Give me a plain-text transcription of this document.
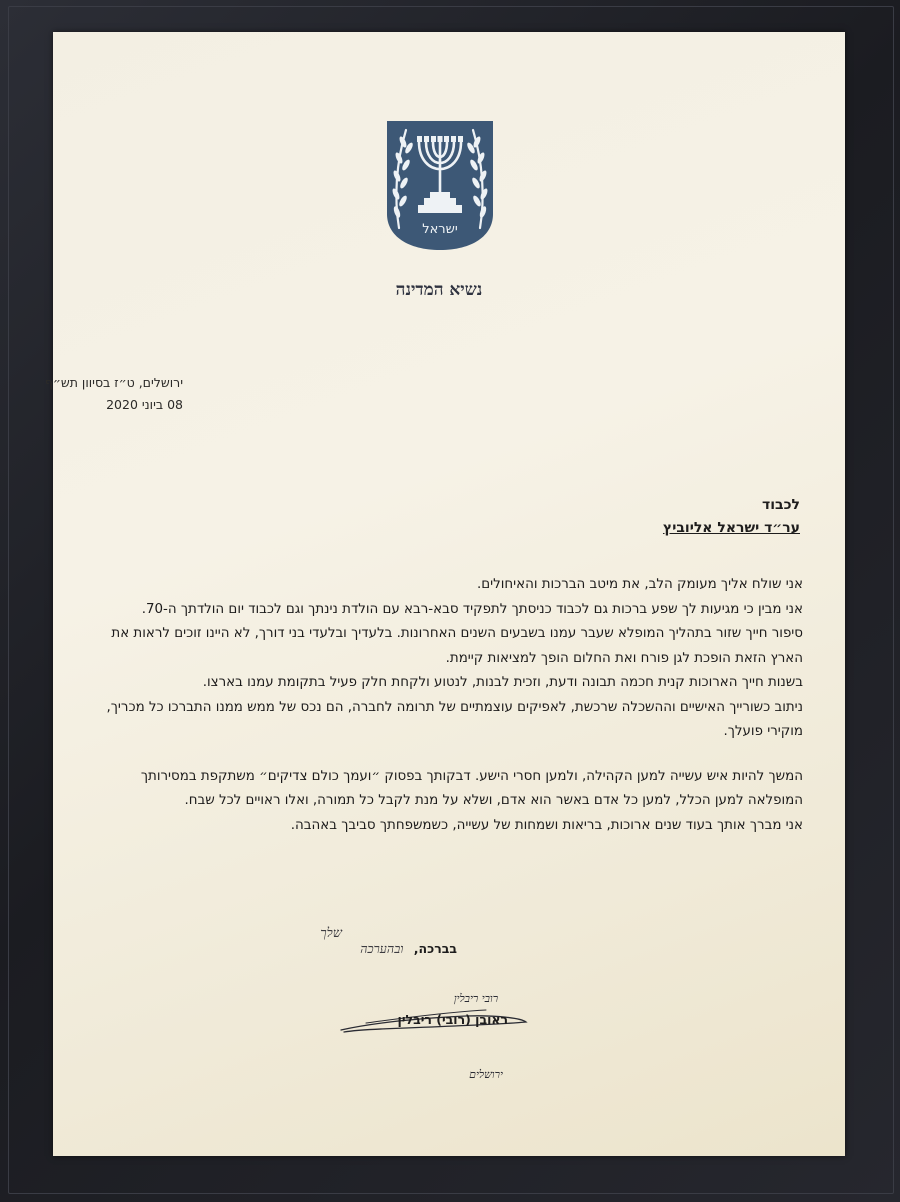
ישראל
נשיא המדינה
ירושלים, ט״ז בסיוון תש״ף
08 ביוני 2020
לכבוד
ער״ד ישראל אליוביץ

אני שולח אליך מעומק הלב, את מיטב הברכות והאיחולים.

אני מבין כי מגיעות לך שפע ברכות גם לכבוד כניסתך לתפקיד סבא-רבא עם הולדת נינתך וגם לכבוד יום הולדתך ה-70.

סיפור חייך שזור בתהליך המופלא שעבר עמנו בשבעים השנים האחרונות. בלעדיך ובלעדי בני דורך, לא היינו זוכים לראות את הארץ הזאת הופכת לגן פורח ואת החלום הופך למציאות קיימת.

בשנות חייך הארוכות קנית חכמה תבונה ודעת, וזכית לבנות, לנטוע ולקחת חלק פעיל בתקומת עמנו בארצו.

ניתוב כשורייך האישיים וההשכלה שרכשת, לאפיקים עוצמתיים של תרומה לחברה, הם נכס של ממש ממנו התברכו כל מכריך, מוקירי פועלך.

המשך להיות איש עשייה למען הקהילה, ולמען חסרי הישע. דבקותך בפסוק ״ועמך כולם צדיקים״ משתקפת במסירותך המופלאה למען הכלל, למען כל אדם באשר הוא אדם, ושלא על מנת לקבל כל תמורה, ואלו ראויים לכל שבח.

אני מברך אותך בעוד שנים ארוכות, בריאות ושמחות של עשייה, כשמשפחתך סביבך באהבה.

שלך
בברכה, ובהערכה
רובי ריבלין
ירושלים
ראובן (רובי) ריבלין
